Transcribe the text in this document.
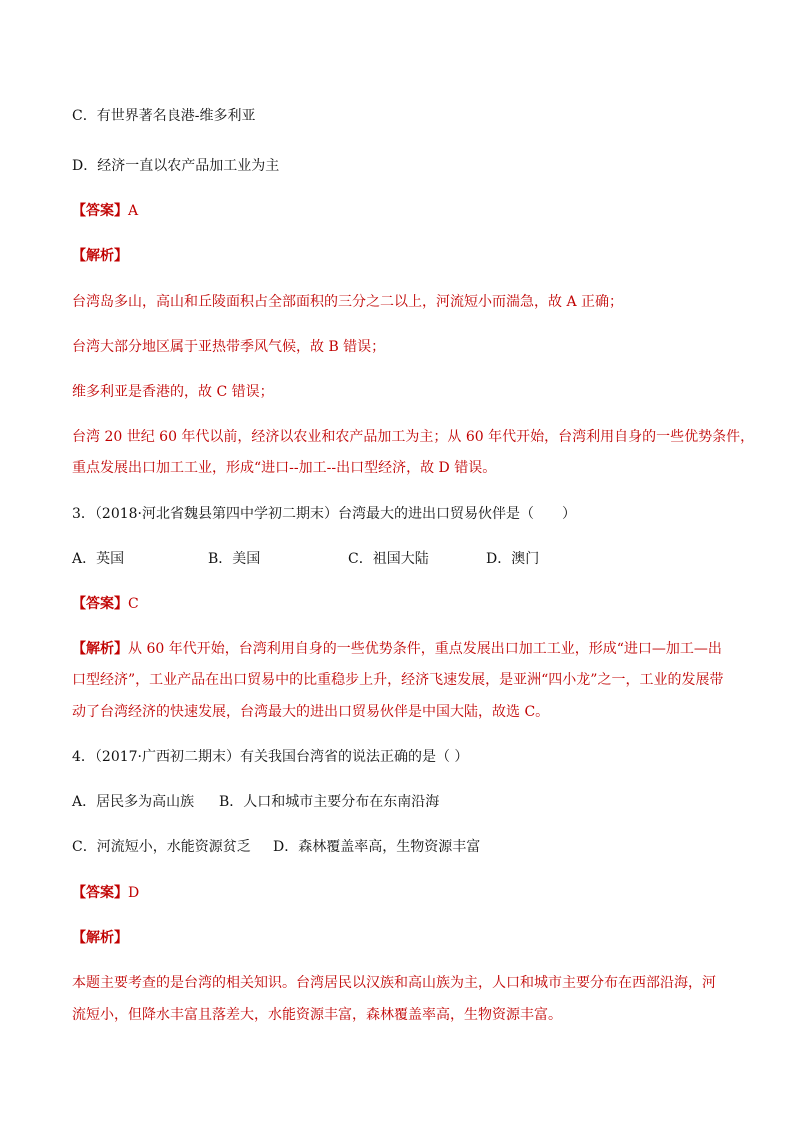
C．有世界著名良港-维多利亚
D．经济一直以农产品加工业为主
【答案】A
【解析】
台湾岛多山，高山和丘陵面积占全部面积的三分之二以上，河流短小而湍急，故 A 正确；
台湾大部分地区属于亚热带季风气候，故 B 错误；
维多利亚是香港的，故 C 错误；
台湾 20 世纪 60 年代以前，经济以农业和农产品加工为主；从 60 年代开始，台湾利用自身的一些优势条件，
重点发展出口加工工业，形成“进口--加工--出口型经济，故 D 错误。
3．（2018·河北省魏县第四中学初二期末）台湾最大的进出口贸易伙伴是（　　）
A．英国	B．美国	C．祖国大陆	D．澳门
【答案】C
【解析】从 60 年代开始，台湾利用自身的一些优势条件，重点发展出口加工工业，形成“进口—加工—出
口型经济”，工业产品在出口贸易中的比重稳步上升，经济飞速发展，是亚洲“四小龙”之一，工业的发展带
动了台湾经济的快速发展，台湾最大的进出口贸易伙伴是中国大陆，故选 C。
4．（2017·广西初二期末）有关我国台湾省的说法正确的是（ ）
A．居民多为高山族 B．人口和城市主要分布在东南沿海
C．河流短小，水能资源贫乏 D．森林覆盖率高，生物资源丰富
【答案】D
【解析】
本题主要考查的是台湾的相关知识。台湾居民以汉族和高山族为主，人口和城市主要分布在西部沿海，河
流短小，但降水丰富且落差大，水能资源丰富，森林覆盖率高，生物资源丰富。
